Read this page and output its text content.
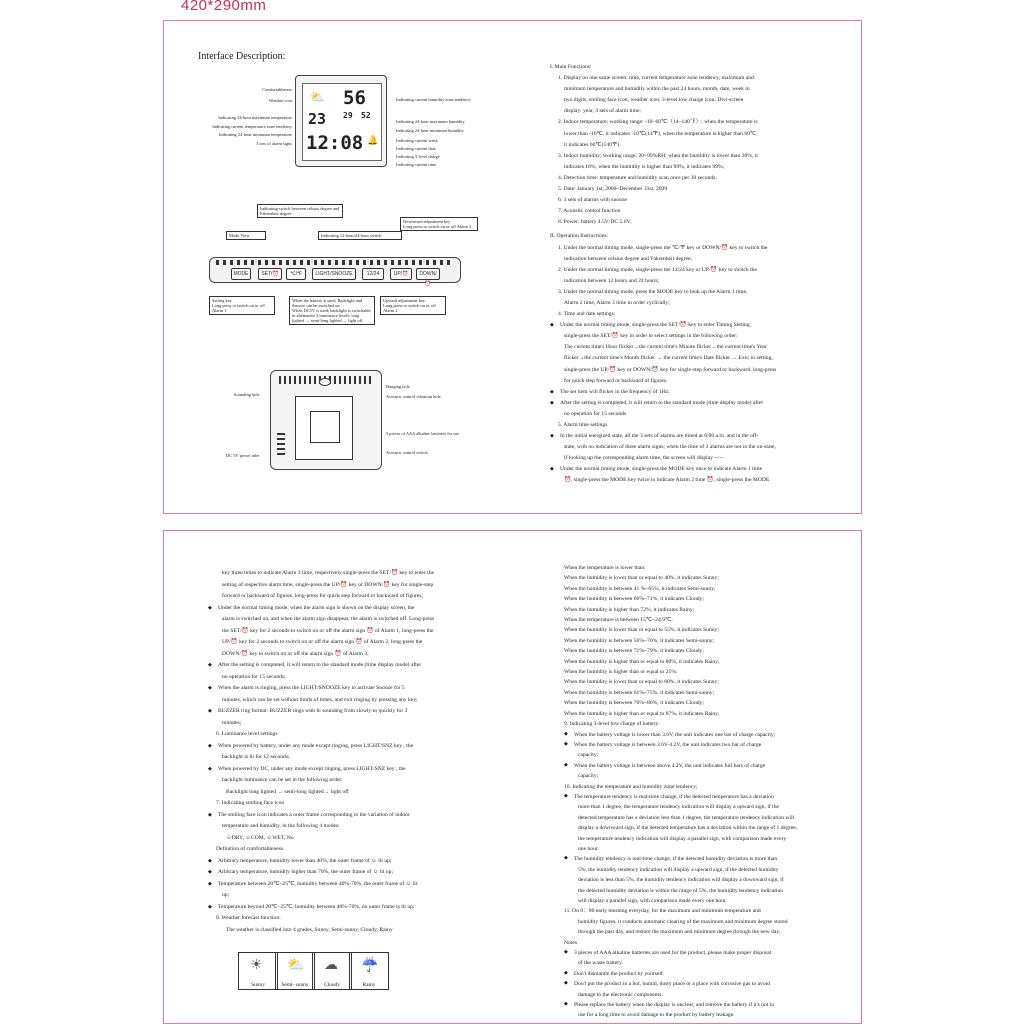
420*290mm
Interface Description:
⛅ 56
23 29 52
12:08 🔔
Comfortableness
Weather icon
Indicating 24-hour maximum temperature
Indicating current temperature zone tendency
Indicating 24-hour minimum temperature
3 sets of alarm signs
Indicating current humidity zone tendency
Indicating 24-hour maximum humidity
Indicating 24-hour minimum humidity
Indicating current week
Indicating current date
Indicating 3-level charge
Indicating current time
Indicating switch between celsius degree and Fahrenheit degree
Mode View	Indicating 12-hour/24-hour switch
Downward adjustment key
Long press to switch on or off Alarm 3
MODE	SET/⏰	℃/℉	LIGHT/SNOOZE	12/24	UP/⏰	DOWN/⏰
Setting key
Long press to switch on or off Alarm 1
When the battery is used, Backlight and Snooze can be switched on
When DC5V is used, backlight is switchable in alternative 3 luminance levels: long lighted → semi-long lighted → light off
Upward adjustment key
Long press to switch on or off Alarm 2
Sounding hole
DC 5V power inlet
Hanging hole
Acoustic control vibration hole
3 pieces of AAA alkaline batteries for use
Acoustic control switch

I. Main Functions:

1. Display on one same screen: time, current temperature zone tendency, maximum and

minimum temperature and humidity within the past 24 hours, month, date, week in

two digits, smiling face icon, weather icon, 3-level low charge icon; Divi-screen

display: year, 3 sets of alarm time;

2. Indoor temperature; working range: -10~60℃（14~140℉）; when the temperature is

lower than -10℃, it indicates -10℃(14℉), when the temperature is higher than 60℃,

it indicates 60℃(140℉).

3. Indoor humidity; working range: 20~99%RH; when the humidity is lower than 20%, it

indicates 16%, when the humidity is higher than 99%, it indicates 99%;

4. Detection time: temperature and humidity scan once per 30 seconds;

5. Date: January 1st, 2000~December 31st, 2099

6. 3 sets of alarms with snooze

7. Acoustic control function

8. Power: battery 4.5V/DC 5.0V;

II. Operation Instructions:

1. Under the normal timing mode, single-press the ℃/℉ key or DOWN/⏰ key to switch the

indication between celsius degree and Fahrenheit degree;

2. Under the normal timing mode, single-press the 12/24 key or UP/⏰ key to switch the

indication between 12 hours and 24 hours;

3. Under the normal timing mode, press the MODE key to look up the Alarm 1 time,

Alarm 2 time, Alarm 3 time in order cyclically;

4. Time and date settings:

◆ Under the normal timing mode, single-press the SET/⏰ key to enter Timing Setting,

single-press the SET/⏰ key in order to select settings in the following order:

The current time's Hour flicker→the current time's Minute flicker→the current time's Year

flicker→the current time's Month flicker → the current time's Date flicker → Exit; in setting,

single-press the UP/⏰ key or DOWN/⏰ key for single-step forward or backward, long-press

for quick step forward or backward of figures.

◆ The set item will flicker in the frequency of 1Hz;

◆ After the setting is completed, it will return to the standard mode (time display mode) after

no operation for 15 seconds

5. Alarm time settings

◆ In the initial energized state, all the 3 sets of alarms are timed at 6:00 a.m. and in the off-

state, with no indication of three alarm signs; when the time of 3 alarms are not in the on-state,

if looking up the corresponding alarm time, the screen will display --:--.

◆ Under the normal timing mode, single-press the MODE key once to indicate Alarm 1 time

⏰, single-press the MODE key twice to indicate Alarm 2 time ⏰, single-press the MODE

key three times to indicate Alarm 3 time, respectively single-press the SET/⏰ key to enter the

setting of respective alarm time, single-press the UP/⏰ key or DOWN/⏰ key for single-step

forward or backward of figures, long-press for quick step forward or backward of figures;

◆ Under the normal timing mode, when the alarm sign is shown on the display screen, the

alarm is switched on, and when the alarm sign disappear, the alarm is switched off. Long-press

the SET/⏰ key for 2 seconds to switch on or off the alarm sign ⏰ of Alarm 1, long-press the

UP/⏰ key for 2 seconds to switch on or off the alarm sign ⏰ of Alarm 2, long-press the

DOWN/⏰ key to switch on or off the alarm sign ⏰ of Alarm 3;

◆ After the setting is completed, it will return to the standard mode (time display mode) after

no operation for 15 seconds;

◆ When the alarm is ringing, press the LIGHT/SNOOZE key to activate Snooze for 5

minutes, which can be set without limits of times, and exit ringing by pressing any key;

◆ BUZZER ring format: BUZZER rings with bi sounding from slowly to quickly for 3

minutes;

6. Luminance level settings

◆ When powered by battery, under any mode except ringing, press LIGHT/SNZ key , the

backlight is lit for 12 seconds;

◆ When powered by DC, under any mode except ringing, press LIGHT/SNZ key , the

backlight luminance can be set in the following order:

Backlight long lighted → semi-long lighted→ light off

7. Indicating smiling face icon

◆ The smiling face icon indicates a outer frame corresponding to the variation of indoor

temperature and humidity, in the following 4 modes:

☺DRY, ☺COM, ☺WET, No

Definition of comfortableness

◆ Arbitrary temperature, humidity lower than 40%, the outer frame of ☺ lit up;

◆ Arbitrary temperature, humidity higher than 70%, the outer frame of ☺ lit up;

◆ Temperature between 20℃~25℃, humidity between 40%-70%, the outer frame of ☺ lit

up;

◆ Temperature beyond 20℃~25℃, humidity between 40%-70%, no outer frame is lit up;

8. Weather forecast function:

The weather is classified into 4 grades, Sunny, Semi-sunny, Cloudy, Rainy

☀
Sunny
⛅
Semi- sunny
☁
Cloudy
☔
Rainy

When the temperature is lower than:

When the humidity is lower than or equal to 40%, it indicates Sunny;

When the humidity is between 41 %~65%, it indicates Semi-sunny;

When the humidity is between 66%~71%, it indicates Cloudy;

When the humidity is higher than 72%, it indicates Rainy;

When the temperature is between 15℃~24.9℃:

When the humidity is lower than or equal to 55%, it indicates Sunny;

When the humidity is between 56%~70%, it indicates Semi-sunny;

When the humidity is between 71%~79%, it indicates Cloudy;

When the humidity is higher than or equal to 80%, it indicates Rainy;

When the humidity is higher than or equal to 25%:

When the humidity is lower than or equal to 60%, it indicates Sunny;

When the humidity is between 61%~75%, it indicates Semi-sunny;

When the humidity is between 76%~86%, it indicates Cloudy;

When the humidity is higher than or equal to 87%, it indicates Rainy;

9. Indicating 3-level low charge of battery:

◆ When the battery voltage is lower than 3.6V, the unit indicates one bar of charge capacity;

◆ When the battery voltage is between 3.6V-4.2V, the unit indicates two bar of charge

capacity;

◆ When the battery voltage is between above 4.2V, the unit indicates full bars of charge

capacity;

10. Indicating the temperature and humidity zone tendency;

◆ The temperature tendency is real-time change, if the detected temperature has a deviation

more than 1 degree, the temperature tendency indication will display a upward sign, if the

detected temperature has a deviation less than 1 degree, the temperature tendency indication will

display a downward sign, if the detected temperature has a deviation within the range of 1 degree,

the temperature tendency indication will display a parallel sign, with comparison made every

one hour.

◆ The humidity tendency is real-time change, if the detected humidity deviation is more than

5%, the humidity tendency indication will display a upward sign, if the detected humidity

deviation is less than 5%, the humidity tendency indication will display a downward sign, if

the detected humidity deviation is within the range of 5%, the humidity tendency indication

will display a parallel sign, with comparison made every one hour.

11. On 0：00 early morning everyday, for the maximum and minimum temperature and

humidity figures, it conducts automatic clearing of the maximum and minimum degree stored

through the past day, and restore the maximum and minimum degree through the new day;

Notes

◆ 3 pieces of AAA alkaline batteries are used for the product, please make proper disposal

of the waste battery.

◆ Don't dismantle the product by yourself.

◆ Don't put the product in a hot, humid, dusty place or a place with corrosive gas to avoid

damage to the electronic components.

◆ Please replace the battery when the display is unclear, and remove the battery if it's not in

use for a long time to avoid damage to the product by battery leakage.
